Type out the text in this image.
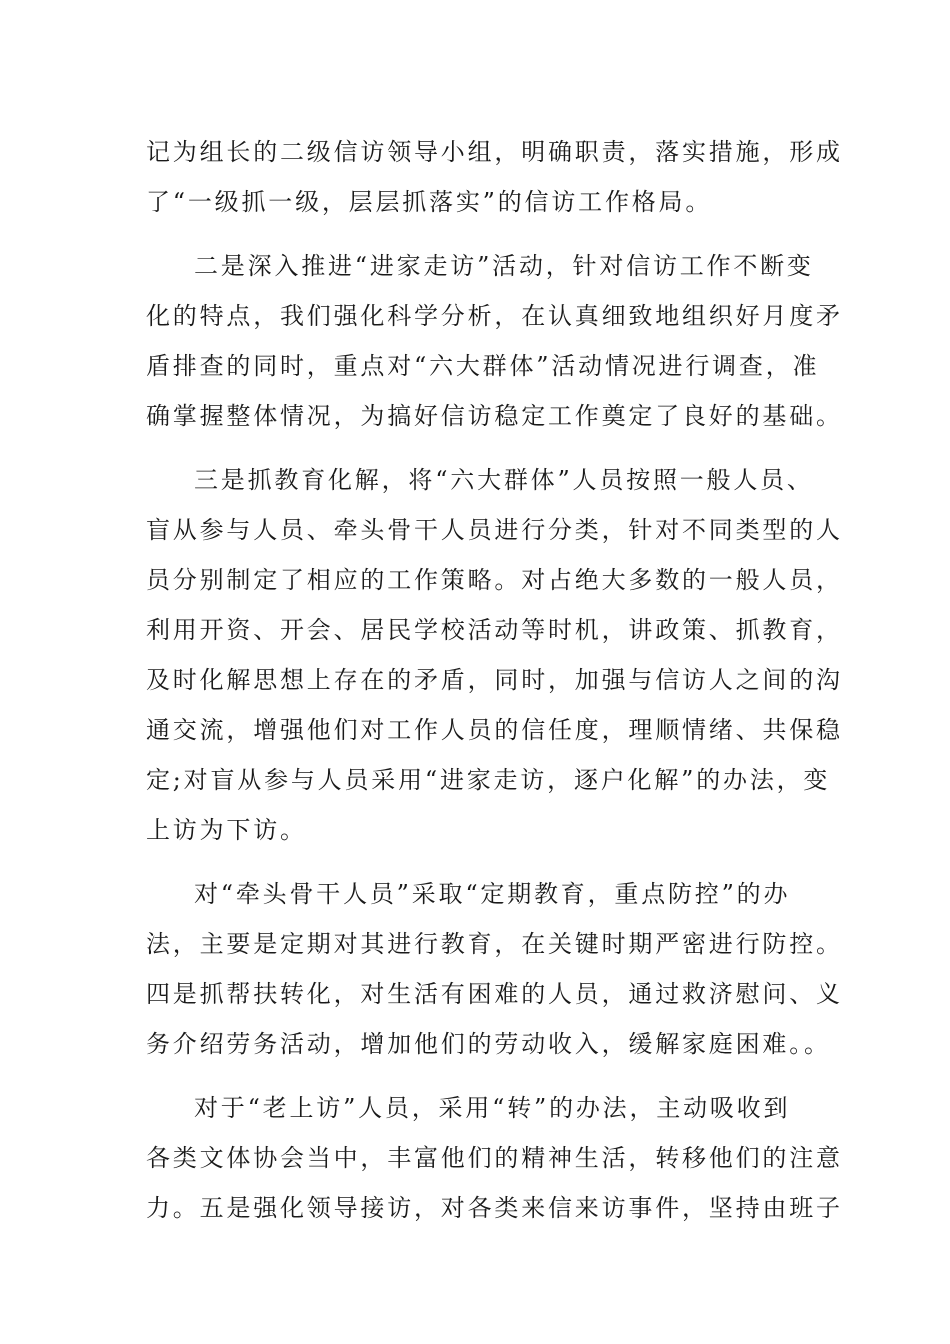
记为组长的二级信访领导小组，明确职责，落实措施，形成
了“一级抓一级，层层抓落实”的信访工作格局。
二是深入推进“进家走访”活动，针对信访工作不断变
化的特点，我们强化科学分析，在认真细致地组织好月度矛
盾排查的同时，重点对“六大群体”活动情况进行调查，准
确掌握整体情况，为搞好信访稳定工作奠定了良好的基础。
三是抓教育化解，将“六大群体”人员按照一般人员、
盲从参与人员、牵头骨干人员进行分类，针对不同类型的人
员分别制定了相应的工作策略。对占绝大多数的一般人员，
利用开资、开会、居民学校活动等时机，讲政策、抓教育，
及时化解思想上存在的矛盾，同时，加强与信访人之间的沟
通交流，增强他们对工作人员的信任度，理顺情绪、共保稳
定;对盲从参与人员采用“进家走访，逐户化解”的办法，变
上访为下访。
对“牵头骨干人员”采取“定期教育，重点防控”的办
法，主要是定期对其进行教育，在关键时期严密进行防控。
四是抓帮扶转化，对生活有困难的人员，通过救济慰问、义
务介绍劳务活动，增加他们的劳动收入，缓解家庭困难。。
对于“老上访”人员，采用“转”的办法，主动吸收到
各类文体协会当中，丰富他们的精神生活，转移他们的注意
力。五是强化领导接访，对各类来信来访事件，坚持由班子
